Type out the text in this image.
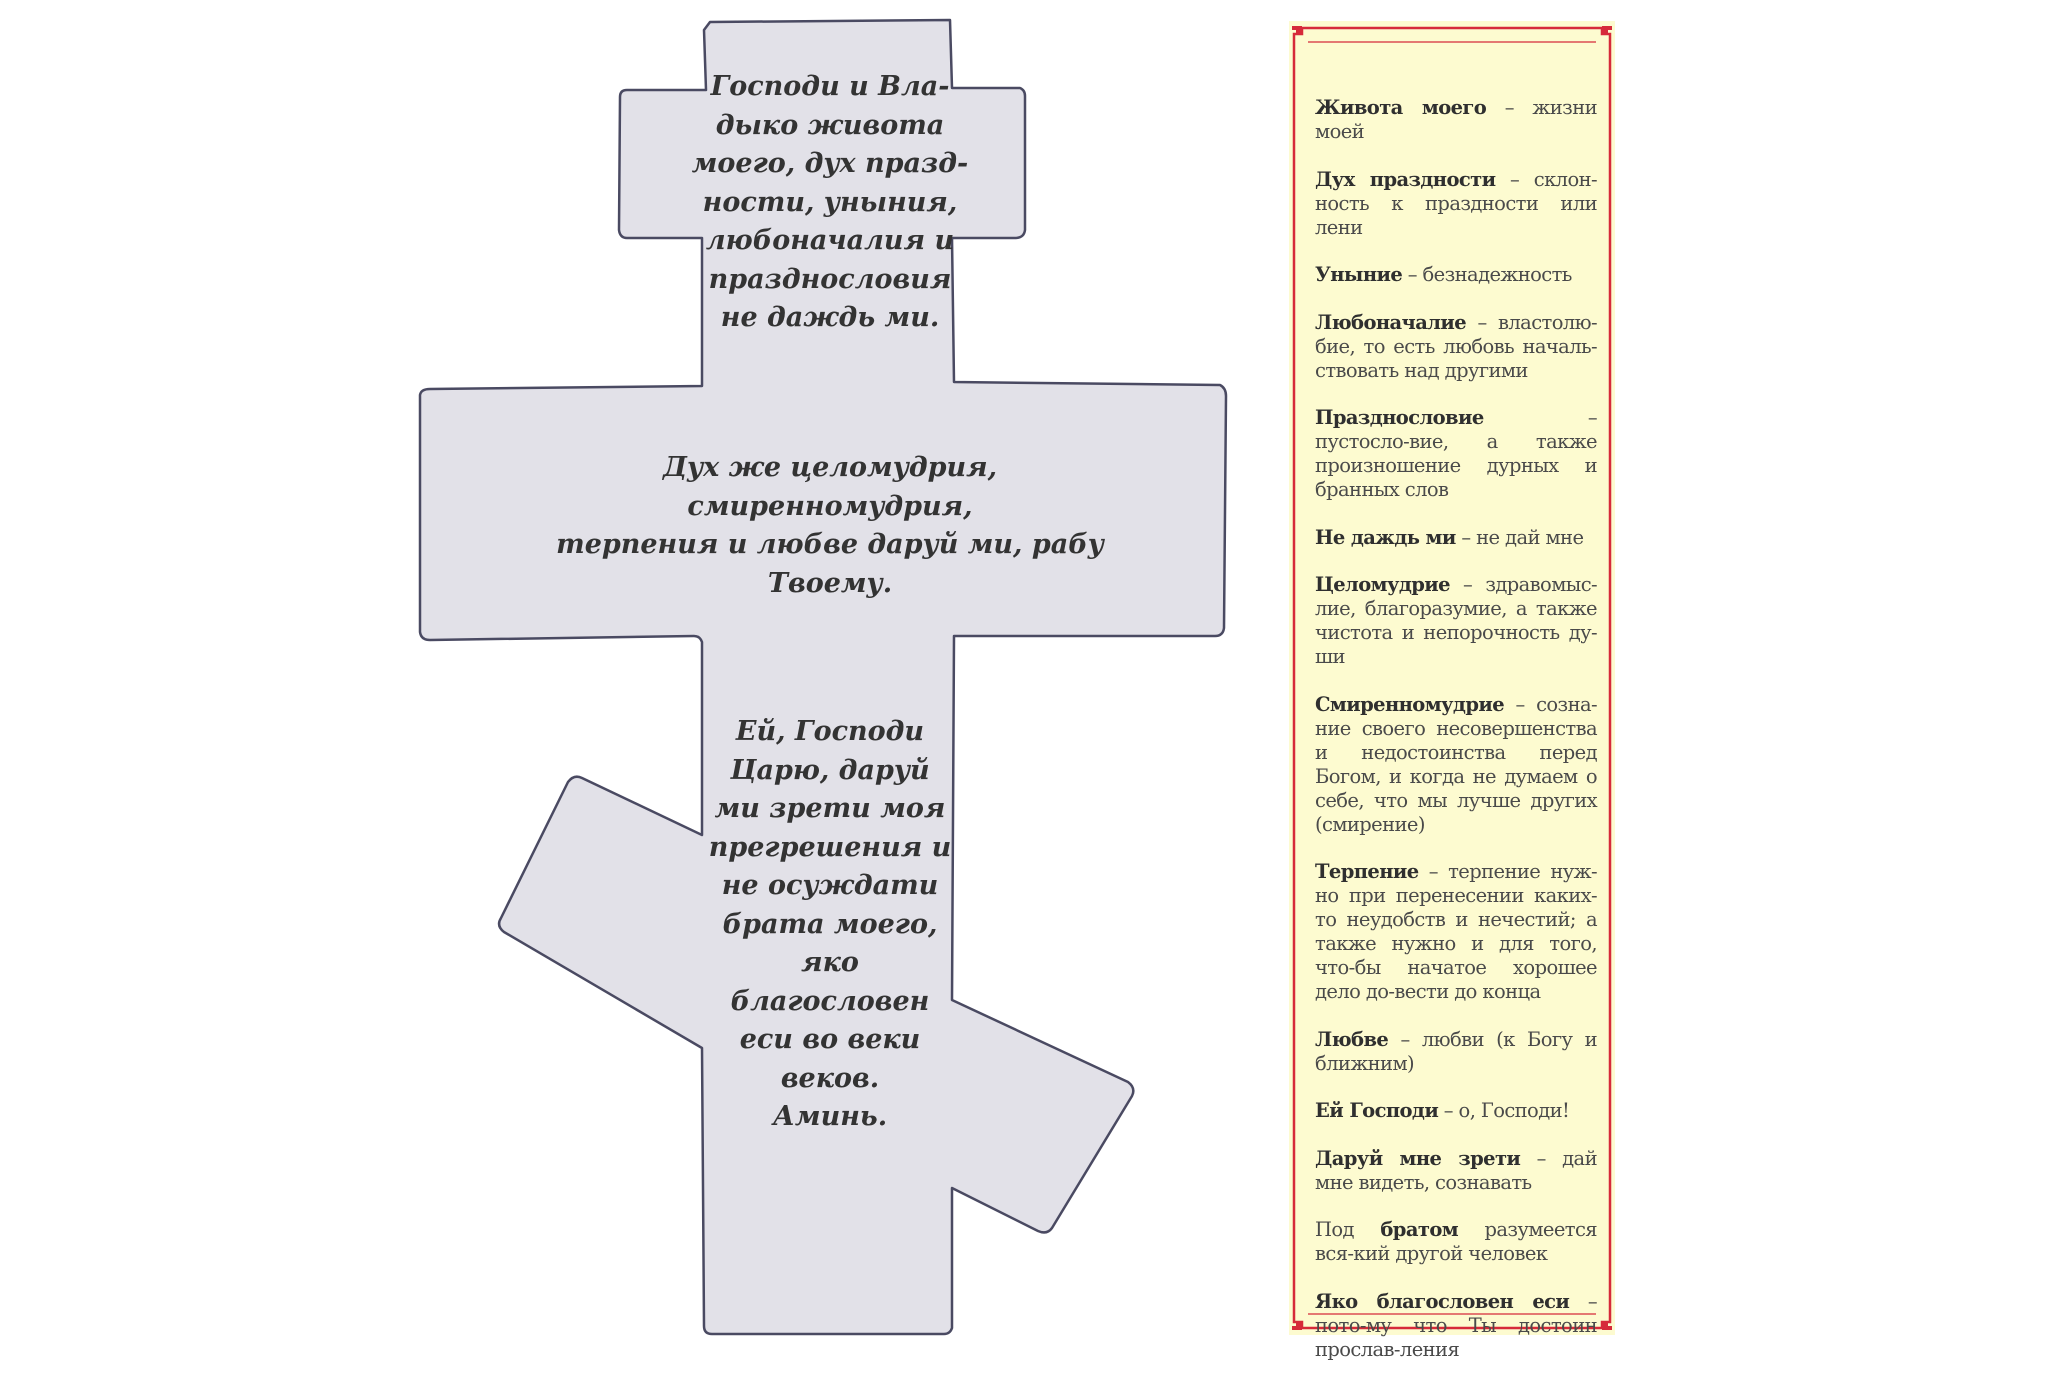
Господи и Вла-
дыко живота
моего, дух празд-
ности, уныния,
любоначалия и
празднословия
не даждь ми.
Дух же целомудрия, смиренномудрия,
терпения и любве даруй ми, рабу
Твоему.
Ей, Господи
Царю, даруй
ми зрети моя
прегрешения и
не осуждати
брата моего,
яко благословен
еси во веки
веков.
Аминь.
Живота моего – жизни моей
Дух праздности – склон-ность к праздности или лени
Уныние – безнадежность
Любоначалие – властолю-бие, то есть любовь началь-ствовать над другими
Празднословие – пустосло-вие, а также произношение дурных и бранных слов
Не даждь ми – не дай мне
Целомудрие – здравомыс-лие, благоразумие, а также чистота и непорочность ду-ши
Смиренномудрие – созна-ние своего несовершенства и недостоинства перед Богом, и когда не думаем о себе, что мы лучше других (смирение)
Терпение – терпение нуж-но при перенесении каких-то неудобств и нечестий; а также нужно и для того, что-бы начатое хорошее дело до-вести до конца
Любве – любви (к Богу и ближним)
Ей Господи – о, Господи!
Даруй мне зрети – дай мне видеть, сознавать
Под братом разумеется вся-кий другой человек
Яко благословен еси – пото-му что Ты достоин прослав-ления
